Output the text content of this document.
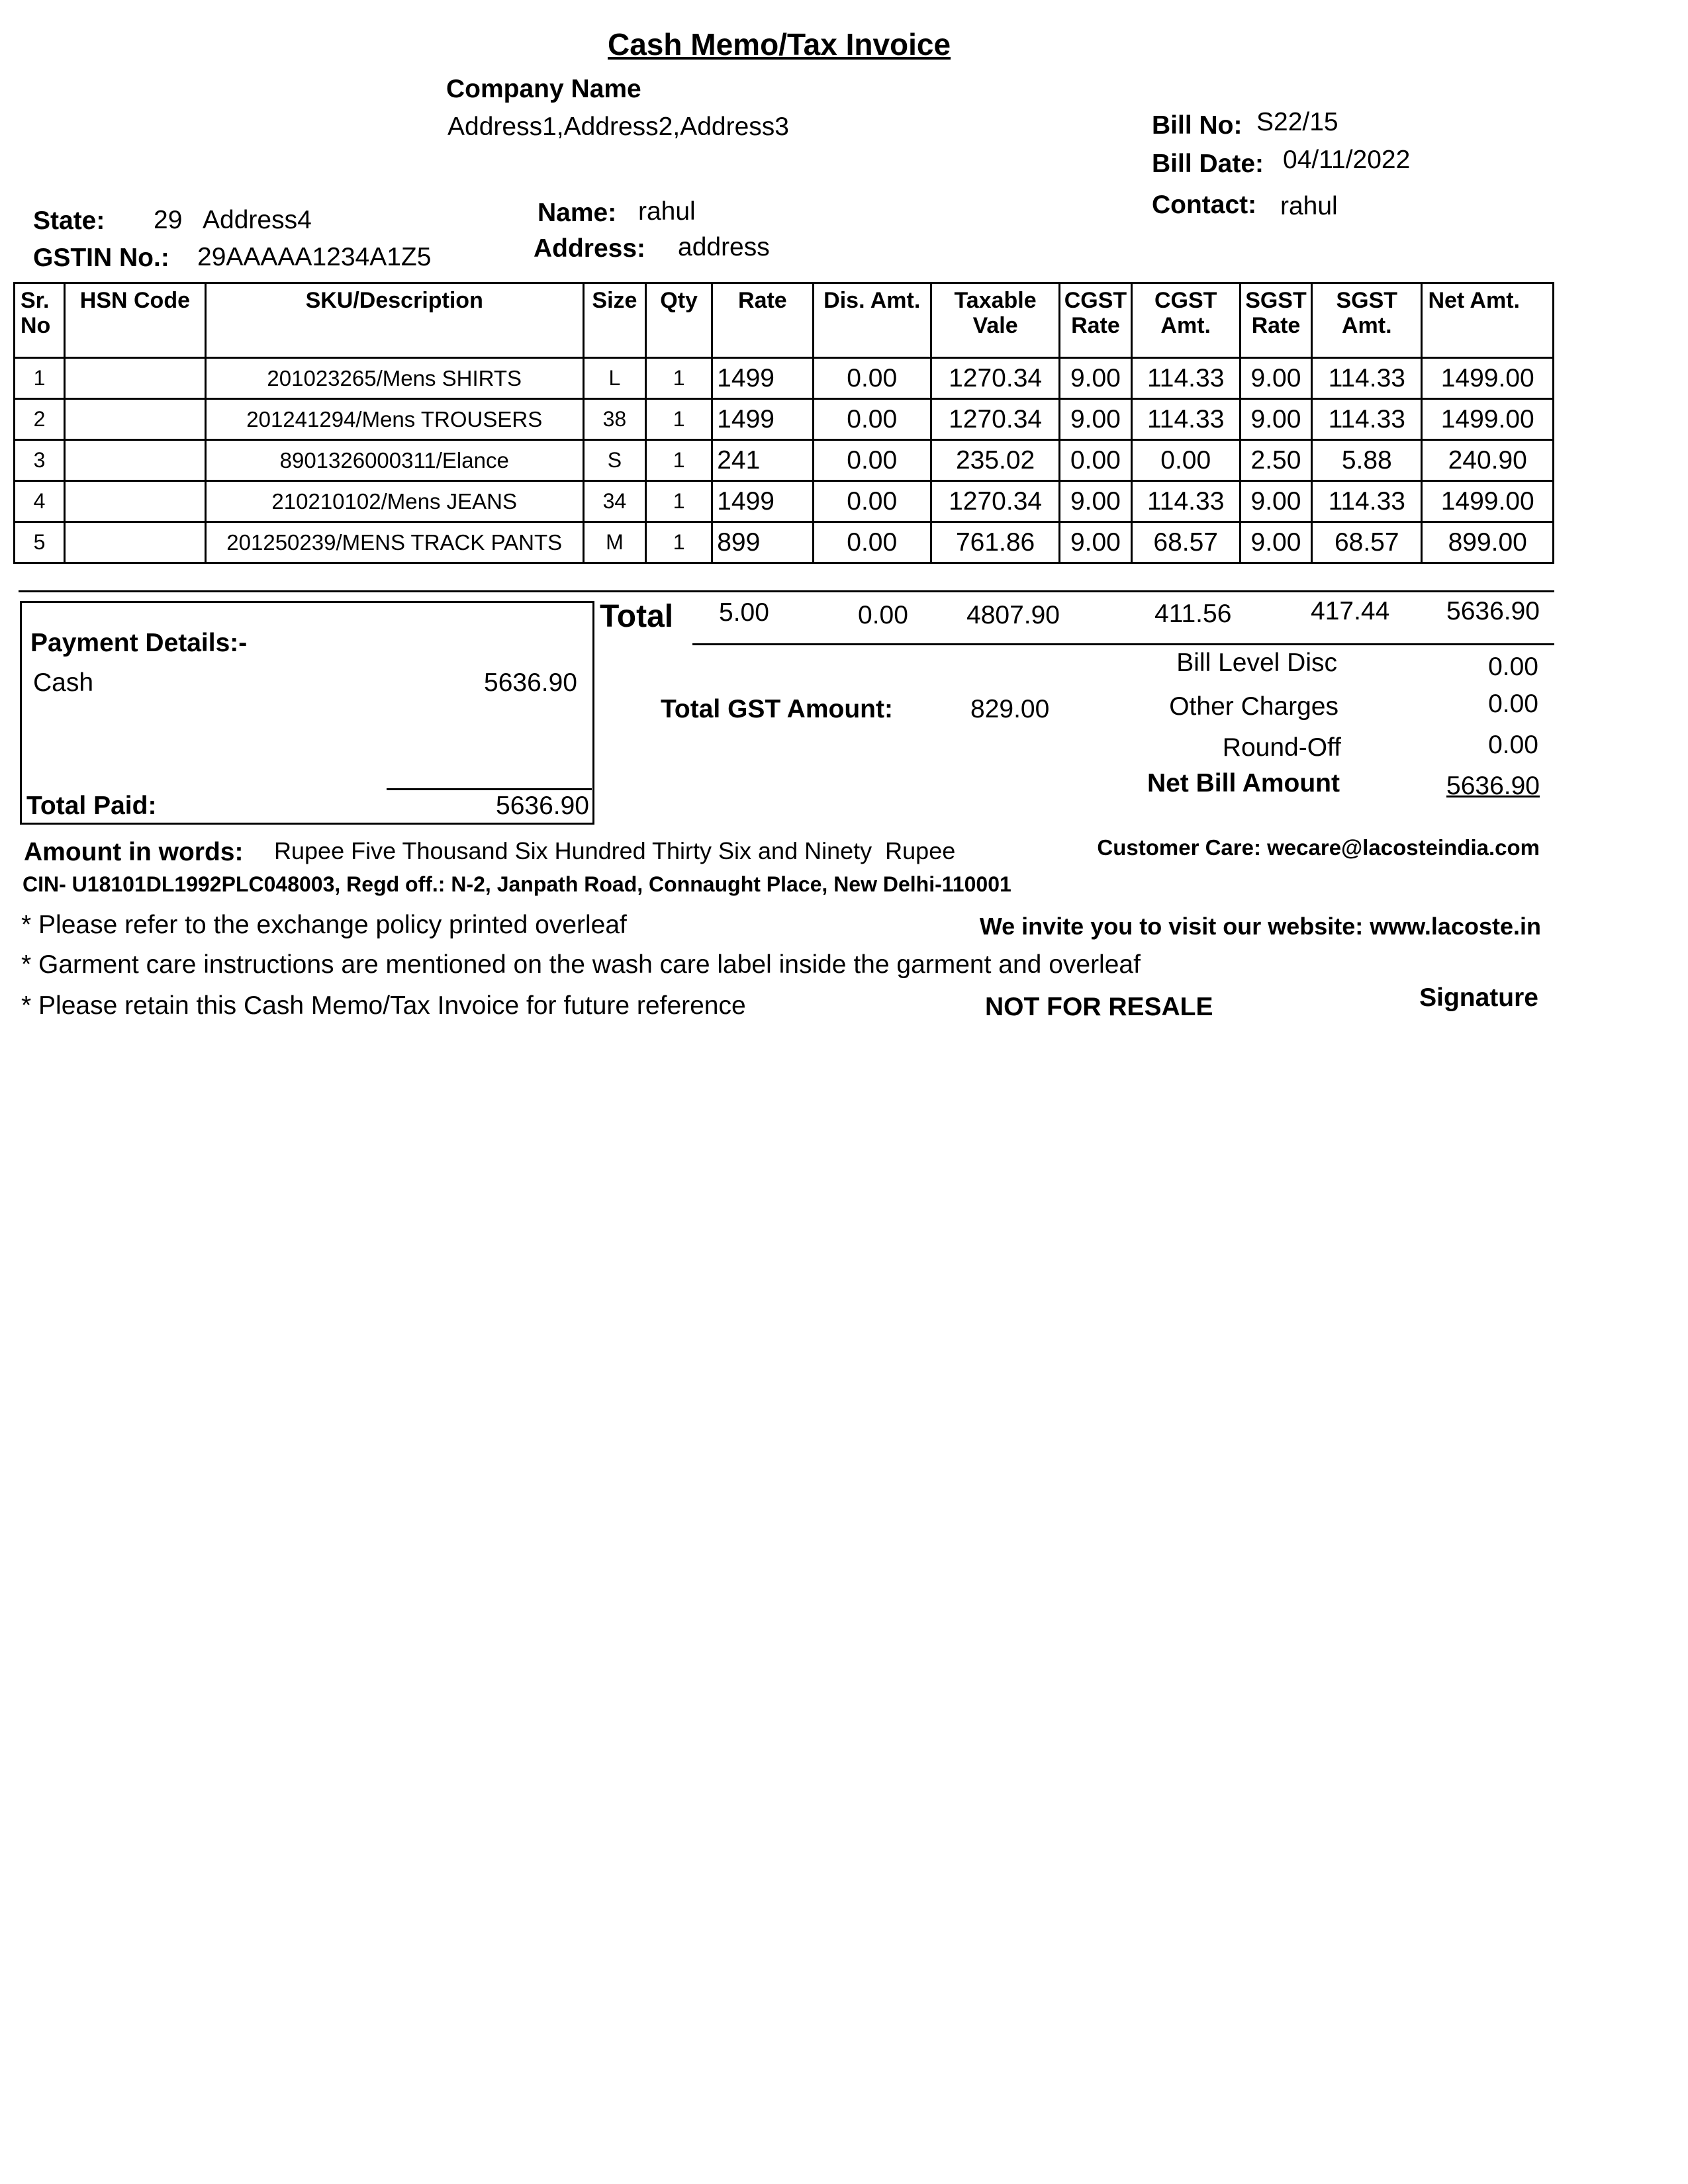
Cash Memo/Tax Invoice
Company Name
Address1,Address2,Address3	Bill No: S22/15
Bill Date: 04/11/2022
Contact: rahul
State: 29 Address4
GSTIN No.: 29AAAAA1234A1Z5
Name: rahul
Address: address
Sr. No	HSN Code	SKU/Description	Size	Qty	Rate	Dis. Amt.	Taxable Vale	CGST Rate	CGST Amt.	SGST Rate	SGST Amt.	Net Amt.
1		201023265/Mens SHIRTS	L	1	1499	0.00	1270.34	9.00	114.33	9.00	114.33	1499.00
2		201241294/Mens TROUSERS	38	1	1499	0.00	1270.34	9.00	114.33	9.00	114.33	1499.00
3		8901326000311/Elance	S	1	241	0.00	235.02	0.00	0.00	2.50	5.88	240.90
4		210210102/Mens JEANS	34	1	1499	0.00	1270.34	9.00	114.33	9.00	114.33	1499.00
5		201250239/MENS TRACK PANTS	M	1	899	0.00	761.86	9.00	68.57	9.00	68.57	899.00
Payment Details:-
Cash	5636.90
Total Paid:	5636.90
Total 5.00	0.00 4807.90	411.56	417.44	5636.90
Total GST Amount:	829.00
Bill Level Disc	0.00
Other Charges	0.00
Round-Off	0.00
Net Bill Amount	5636.90
Amount in words: Rupee Five Thousand Six Hundred Thirty Six and Ninety  Rupee	Customer Care: wecare@lacosteindia.com
CIN- U18101DL1992PLC048003, Regd off.: N-2, Janpath Road, Connaught Place, New Delhi-110001
* Please refer to the exchange policy printed overleaf	We invite you to visit our website: www.lacoste.in
* Garment care instructions are mentioned on the wash care label inside the garment and overleaf
* Please retain this Cash Memo/Tax Invoice for future reference	NOT FOR RESALE	Signature
